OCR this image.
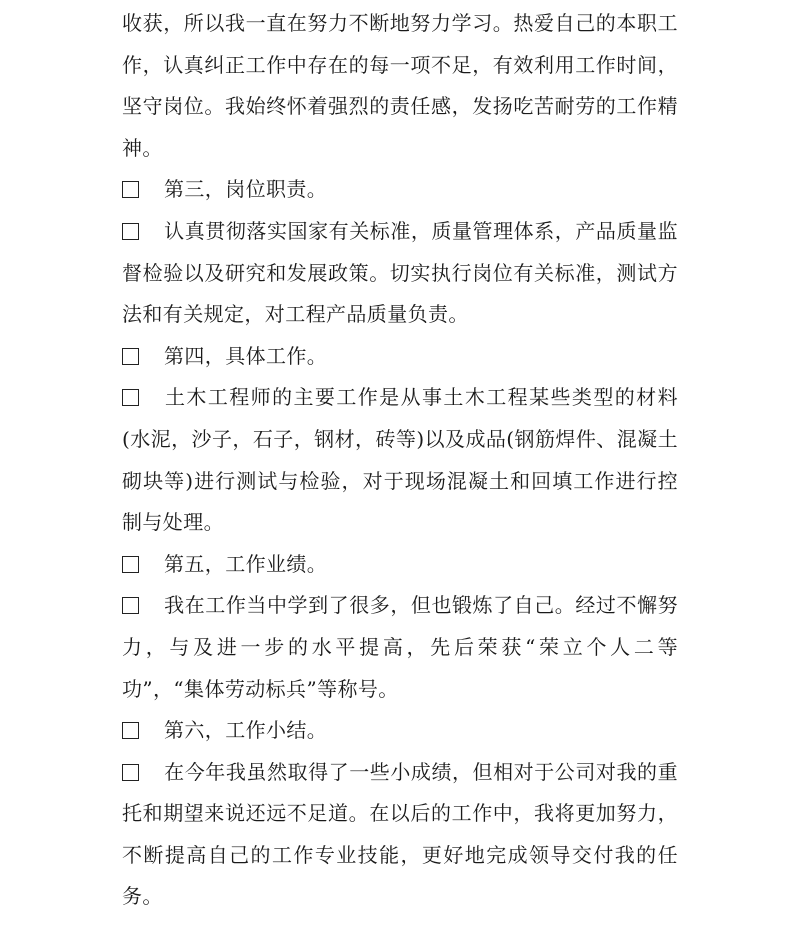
收获，所以我一直在努力不断地努力学习。热爱自己的本职工作，认真纠正工作中存在的每一项不足，有效利用工作时间，坚守岗位。我始终怀着强烈的责任感，发扬吃苦耐劳的工作精神。

第三，岗位职责。

认真贯彻落实国家有关标准，质量管理体系，产品质量监督检验以及研究和发展政策。切实执行岗位有关标准，测试方法和有关规定，对工程产品质量负责。

第四，具体工作。

土木工程师的主要工作是从事土木工程某些类型的材料(水泥，沙子，石子，钢材，砖等)以及成品(钢筋焊件、混凝土砌块等)进行测试与检验，对于现场混凝土和回填工作进行控制与处理。

第五，工作业绩。

我在工作当中学到了很多，但也锻炼了自己。经过不懈努力，与及进一步的水平提高，先后荣获“荣立个人二等功”，“集体劳动标兵”等称号。

第六，工作小结。

在今年我虽然取得了一些小成绩，但相对于公司对我的重托和期望来说还远不足道。在以后的工作中，我将更加努力，不断提高自己的工作专业技能，更好地完成领导交付我的任务。
